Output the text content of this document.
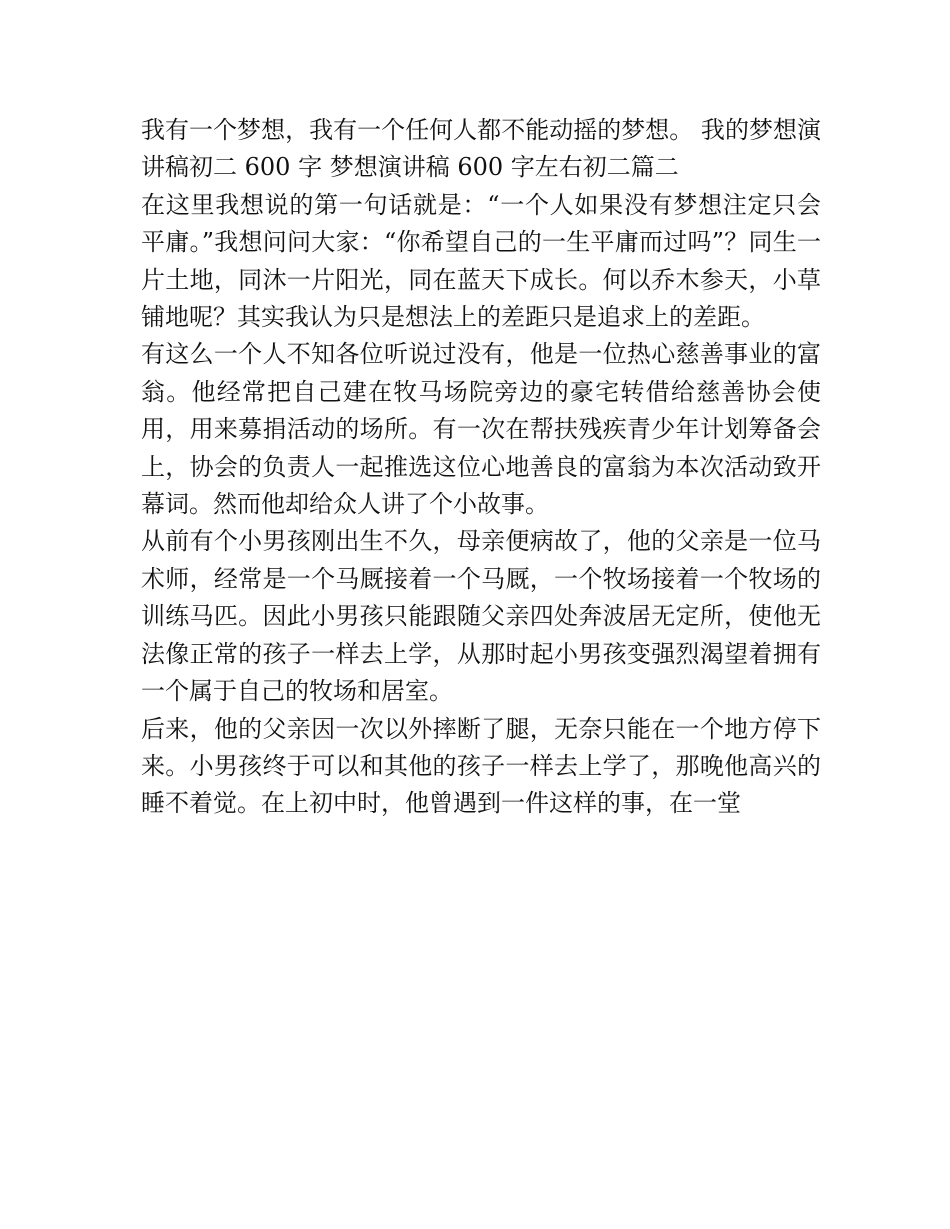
我有一个梦想，我有一个任何人都不能动摇的梦想。 我的梦想演讲稿初二 600 字 梦想演讲稿 600 字左右初二篇二

在这里我想说的第一句话就是：“一个人如果没有梦想注定只会平庸。”我想问问大家：“你希望自己的一生平庸而过吗”？同生一片土地，同沐一片阳光，同在蓝天下成长。何以乔木参天，小草铺地呢？其实我认为只是想法上的差距只是追求上的差距。

有这么一个人不知各位听说过没有，他是一位热心慈善事业的富翁。他经常把自己建在牧马场院旁边的豪宅转借给慈善协会使用，用来募捐活动的场所。有一次在帮扶残疾青少年计划筹备会上，协会的负责人一起推选这位心地善良的富翁为本次活动致开幕词。然而他却给众人讲了个小故事。

从前有个小男孩刚出生不久，母亲便病故了，他的父亲是一位马术师，经常是一个马厩接着一个马厩，一个牧场接着一个牧场的训练马匹。因此小男孩只能跟随父亲四处奔波居无定所，使他无法像正常的孩子一样去上学，从那时起小男孩变强烈渴望着拥有一个属于自己的牧场和居室。

后来，他的父亲因一次以外摔断了腿，无奈只能在一个地方停下来。小男孩终于可以和其他的孩子一样去上学了，那晚他高兴的睡不着觉。在上初中时，他曾遇到一件这样的事，在一堂
